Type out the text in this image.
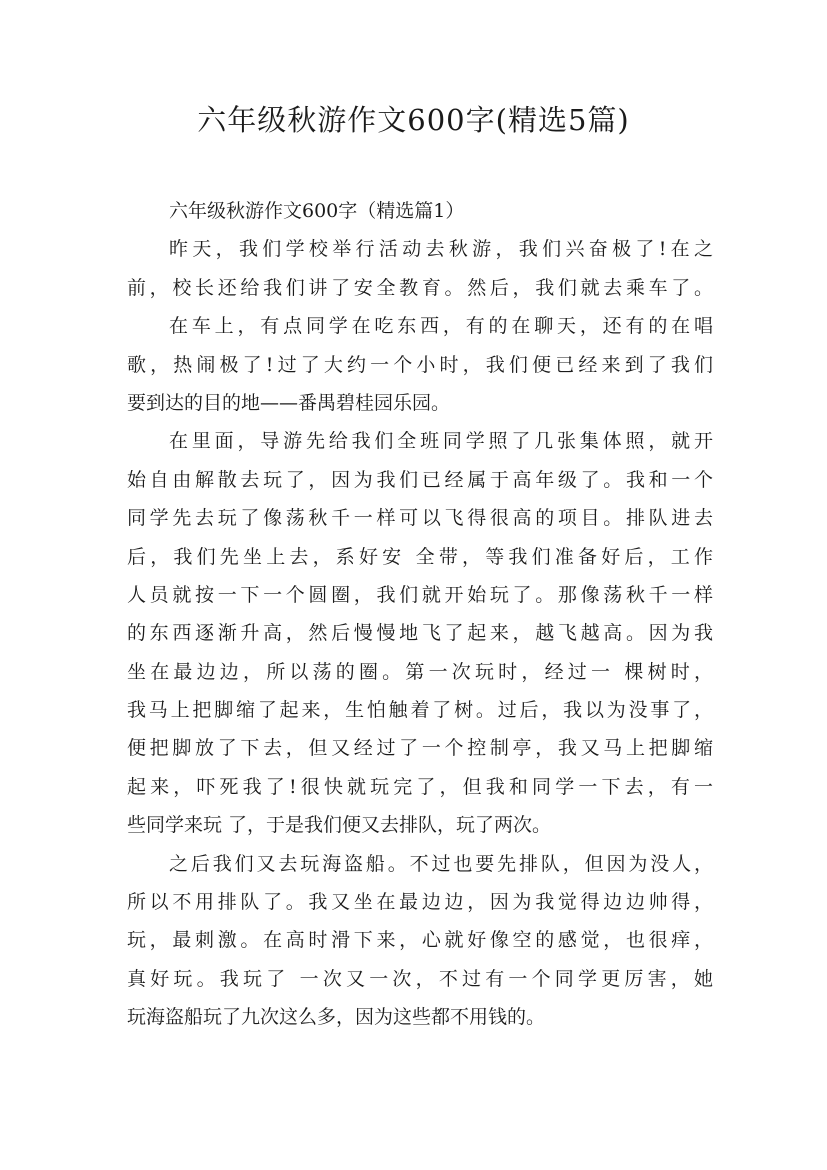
六年级秋游作文600字(精选5篇)
六年级秋游作文600字（精选篇1）
昨天，我们学校举行活动去秋游，我们兴奋极了!在之
前，校长还给我们讲了安全教育。然后，我们就去乘车了。
在车上，有点同学在吃东西，有的在聊天，还有的在唱
歌，热闹极了!过了大约一个小时，我们便已经来到了我们
要到达的目的地——番禺碧桂园乐园。
在里面，导游先给我们全班同学照了几张集体照，就开
始自由解散去玩了，因为我们已经属于高年级了。我和一个
同学先去玩了像荡秋千一样可以飞得很高的项目。排队进去
后，我们先坐上去，系好安 全带，等我们准备好后，工作
人员就按一下一个圆圈，我们就开始玩了。那像荡秋千一样
的东西逐渐升高，然后慢慢地飞了起来，越飞越高。因为我
坐在最边边，所以荡的圈。第一次玩时，经过一 棵树时，
我马上把脚缩了起来，生怕触着了树。过后，我以为没事了，
便把脚放了下去，但又经过了一个控制亭，我又马上把脚缩
起来，吓死我了!很快就玩完了，但我和同学一下去，有一
些同学来玩 了，于是我们便又去排队，玩了两次。
之后我们又去玩海盗船。不过也要先排队，但因为没人，
所以不用排队了。我又坐在最边边，因为我觉得边边帅得，
玩，最刺激。在高时滑下来，心就好像空的感觉，也很痒，
真好玩。我玩了 一次又一次，不过有一个同学更厉害，她
玩海盗船玩了九次这么多，因为这些都不用钱的。
